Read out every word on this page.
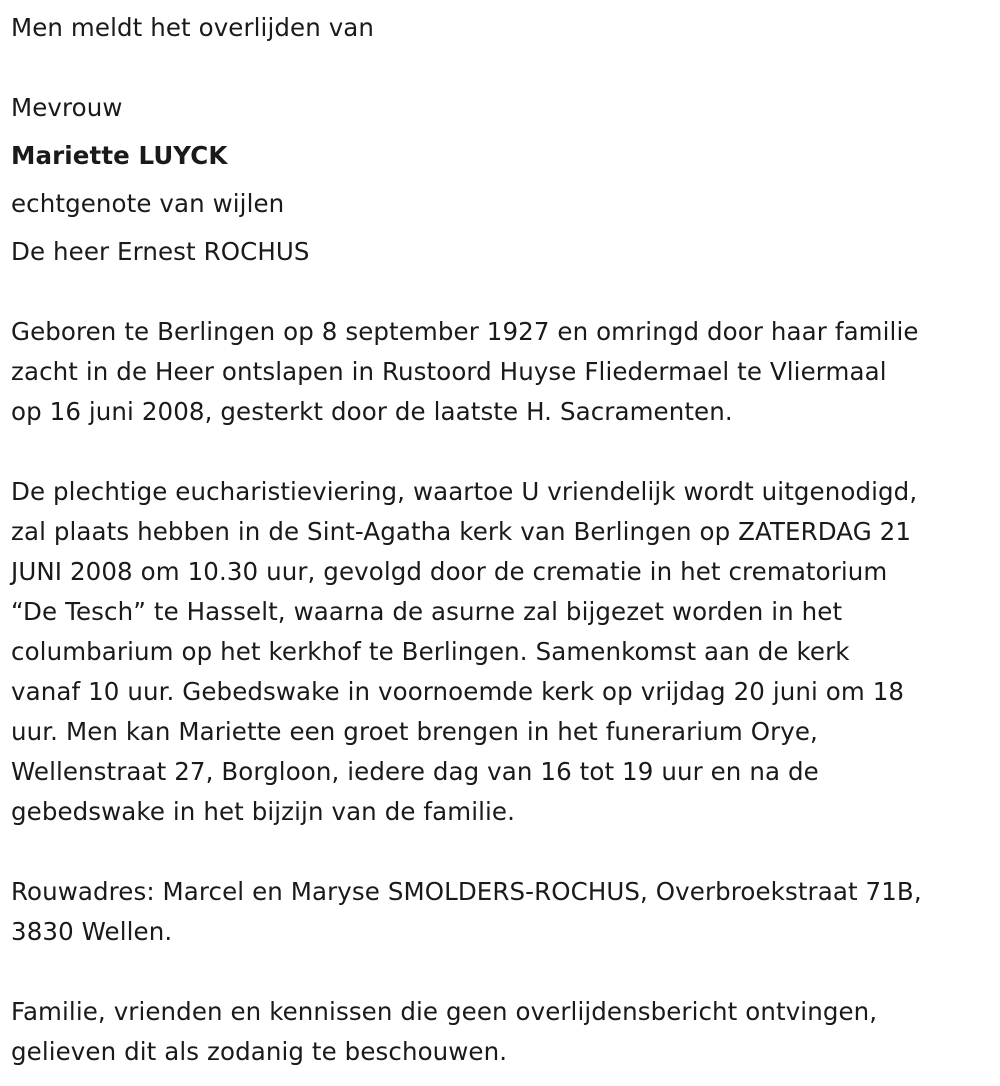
Men meldt het overlijden van

Mevrouw

Mariette LUYCK

echtgenote van wijlen

De heer Ernest ROCHUS

Geboren te Berlingen op 8 september 1927 en omringd door haar familie

zacht in de Heer ontslapen in Rustoord Huyse Fliedermael te Vliermaal

op 16 juni 2008, gesterkt door de laatste H. Sacramenten.

De plechtige eucharistieviering, waartoe U vriendelijk wordt uitgenodigd,

zal plaats hebben in de Sint-Agatha kerk van Berlingen op ZATERDAG 21

JUNI 2008 om 10.30 uur, gevolgd door de crematie in het crematorium

“De Tesch” te Hasselt, waarna de asurne zal bijgezet worden in het

columbarium op het kerkhof te Berlingen. Samenkomst aan de kerk

vanaf 10 uur. Gebedswake in voornoemde kerk op vrijdag 20 juni om 18

uur. Men kan Mariette een groet brengen in het funerarium Orye,

Wellenstraat 27, Borgloon, iedere dag van 16 tot 19 uur en na de

gebedswake in het bijzijn van de familie.

Rouwadres: Marcel en Maryse SMOLDERS-ROCHUS, Overbroekstraat 71B,

3830 Wellen.

Familie, vrienden en kennissen die geen overlijdensbericht ontvingen,

gelieven dit als zodanig te beschouwen.
